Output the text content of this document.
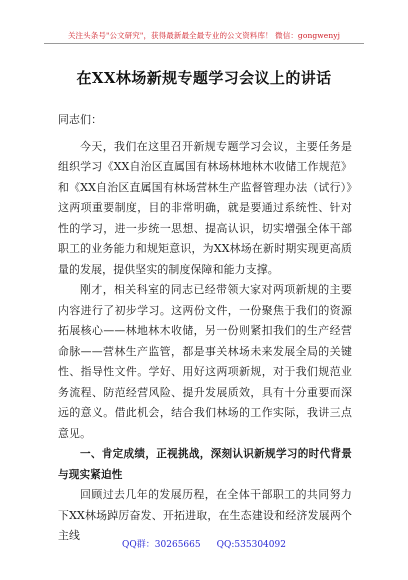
关注头条号"公文研究"，获得最新最全最专业的公文资料库！ 微信：gongwenyj
在XX林场新规专题学习会议上的讲话

同志们：

今天，我们在这里召开新规专题学习会议，主要任务是组织学习《XX自治区直属国有林场林地林木收储工作规范》和《XX自治区直属国有林场营林生产监督管理办法（试行）》这两项重要制度，目的非常明确，就是要通过系统性、针对性的学习，进一步统一思想、提高认识，切实增强全体干部职工的业务能力和规矩意识，为XX林场在新时期实现更高质量的发展，提供坚实的制度保障和能力支撑。

刚才，相关科室的同志已经带领大家对两项新规的主要内容进行了初步学习。这两份文件，一份聚焦于我们的资源拓展核心——林地林木收储，另一份则紧扣我们的生产经营命脉——营林生产监管，都是事关林场未来发展全局的关键性、指导性文件。学好、用好这两项新规，对于我们规范业务流程、防范经营风险、提升发展质效，具有十分重要而深远的意义。借此机会，结合我们林场的工作实际，我讲三点意见。

一、肯定成绩，正视挑战，深刻认识新规学习的时代背景与现实紧迫性

回顾过去几年的发展历程，在全体干部职工的共同努力下XX林场踔厉奋发、开拓进取，在生态建设和经济发展两个主线

QQ群：30265665 QQ:535304092
